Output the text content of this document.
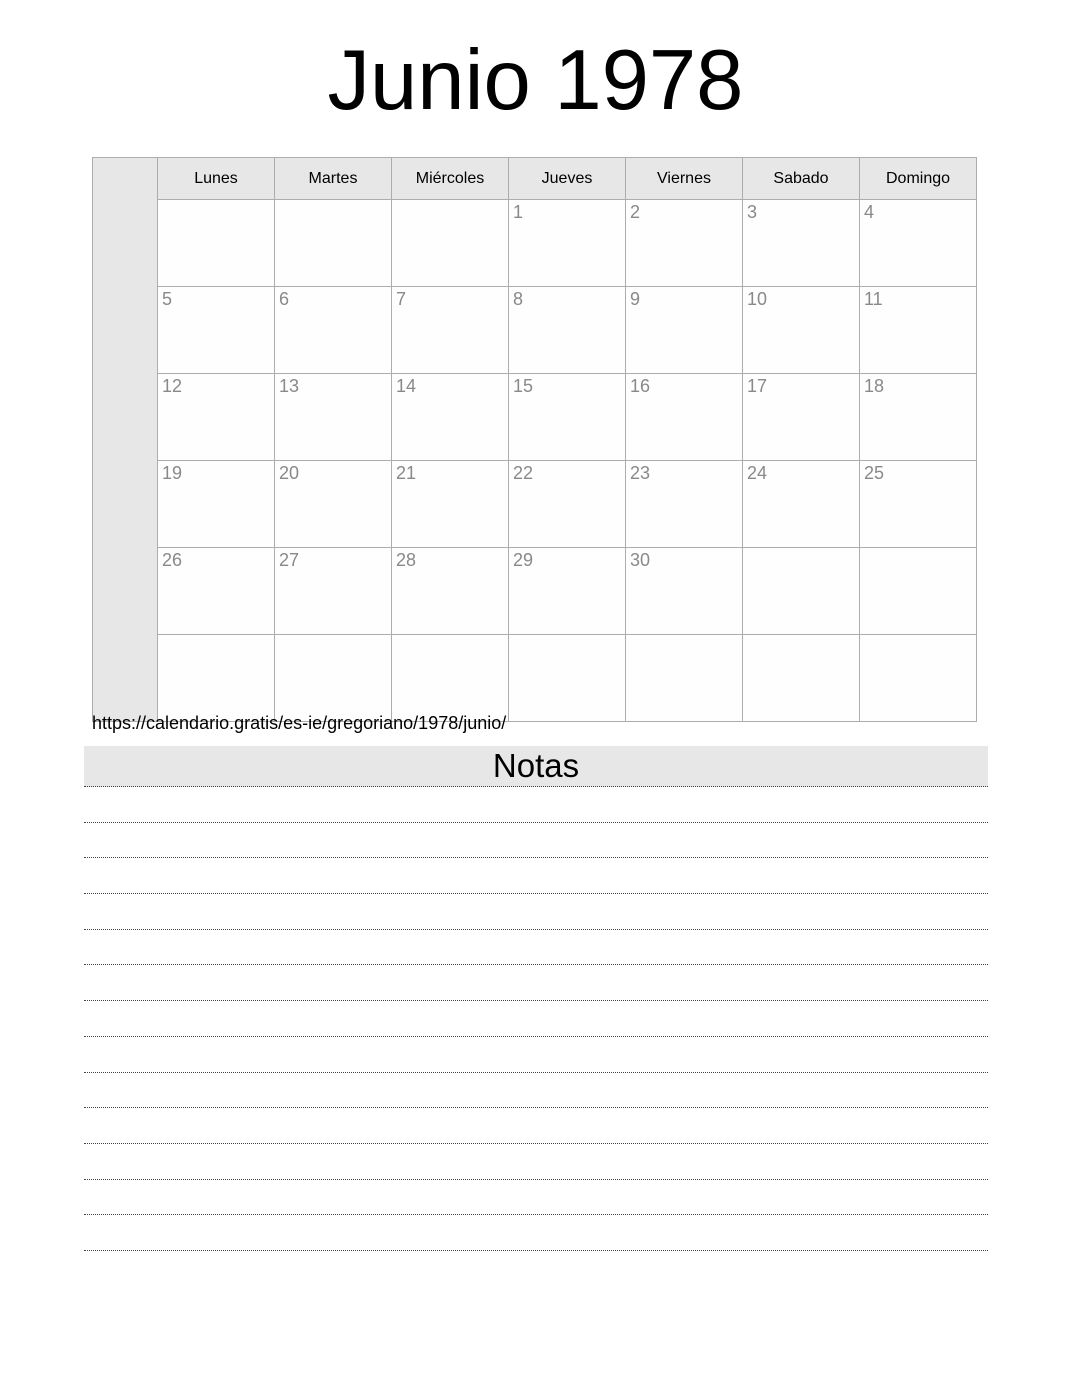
Junio 1978
	Lunes	Martes	Miércoles	Jueves	Viernes	Sabado	Domingo
				1	2	3	4
	5	6	7	8	9	10	11
	12	13	14	15	16	17	18
	19	20	21	22	23	24	25
	26	27	28	29	30		

https://calendario.gratis/es-ie/gregoriano/1978/junio/
Notas
